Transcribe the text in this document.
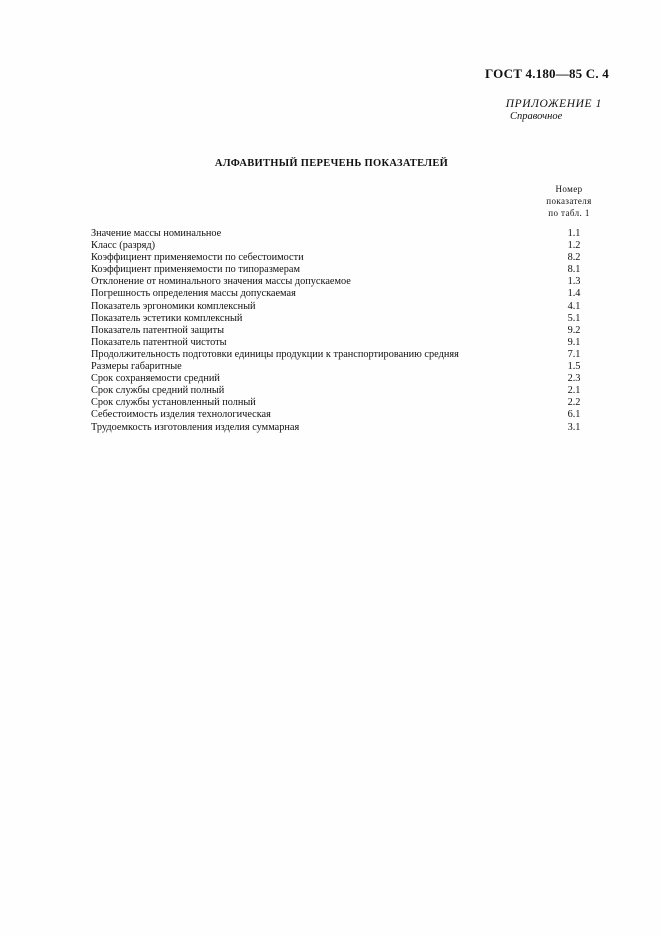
ГОСТ 4.180—85 С. 4
ПРИЛОЖЕНИЕ 1
Справочное
АЛФАВИТНЫЙ ПЕРЕЧЕНЬ ПОКАЗАТЕЛЕЙ
Номер
показателя
по табл. 1
Значение массы номинальное	1.1
Класс (разряд)	1.2
Коэффициент применяемости по себестоимости	8.2
Коэффициент применяемости по типоразмерам	8.1
Отклонение от номинального значения массы допускаемое	1.3
Погрешность определения массы допускаемая	1.4
Показатель эргономики комплексный	4.1
Показатель эстетики комплексный	5.1
Показатель патентной защиты	9.2
Показатель патентной чистоты	9.1
Продолжительность подготовки единицы продукции к транспортированию средняя	7.1
Размеры габаритные	1.5
Срок сохраняемости средний	2.3
Срок службы средний полный	2.1
Срок службы установленный полный	2.2
Себестоимость изделия технологическая	6.1
Трудоемкость изготовления изделия суммарная	3.1
